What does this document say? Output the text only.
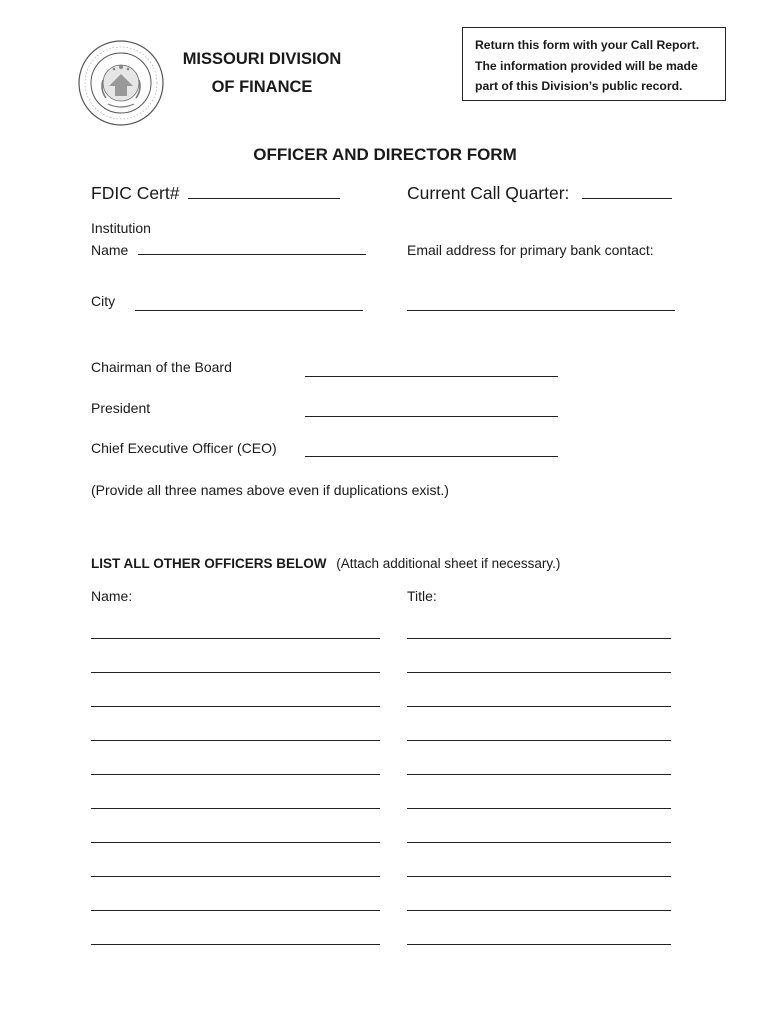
MISSOURI DIVISION
OF FINANCE
Return this form with your Call Report.
The information provided will be made
part of this Division’s public record.
OFFICER AND DIRECTOR FORM
FDIC Cert#	Current Call Quarter:
Institution
Name	Email address for primary bank contact:
City
Chairman of the Board
President
Chief Executive Officer (CEO)
(Provide all three names above even if duplications exist.)
LIST ALL OTHER OFFICERS BELOW (Attach additional sheet if necessary.)
Name:	Title:
